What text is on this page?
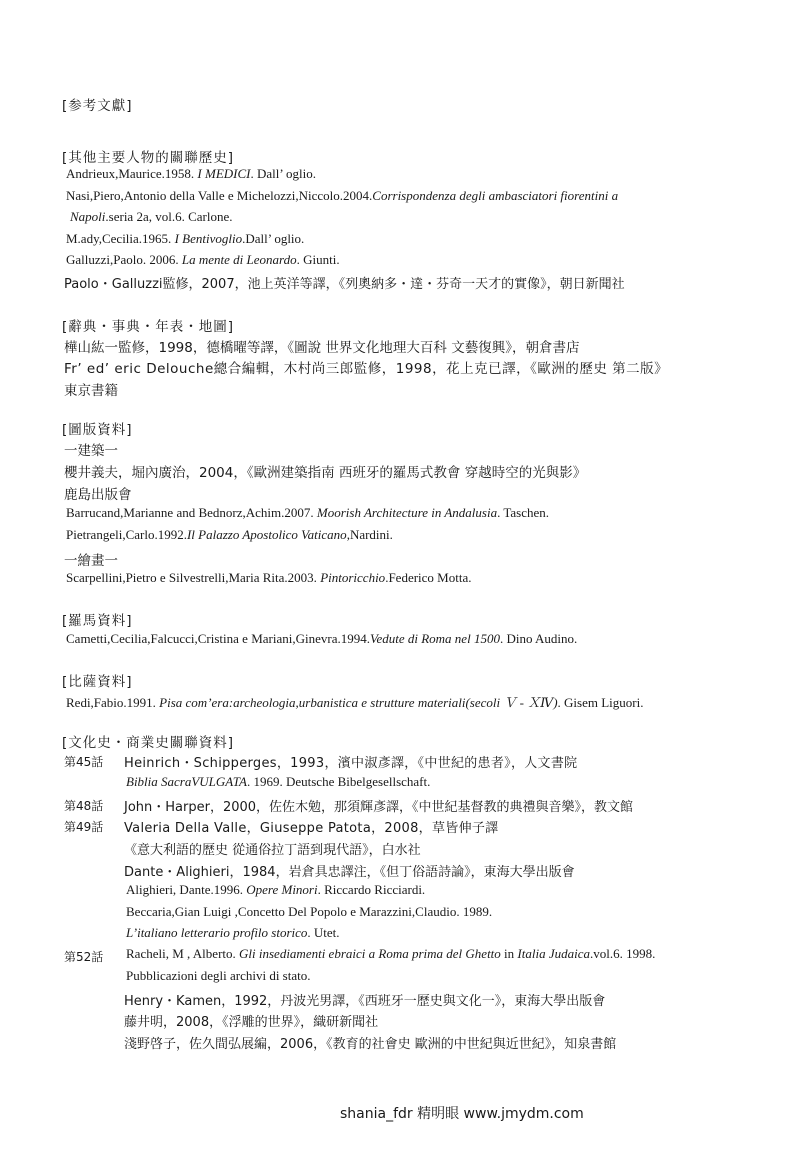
[参考文獻]
[其他主要人物的關聯歷史]
Andrieux,Maurice.1958. I MEDICI. Dall’ oglio.
Nasi,Piero,Antonio della Valle e Michelozzi,Niccolo.2004.Corrispondenza degli ambasciatori fiorentini a
Napoli.seria 2a, vol.6. Carlone.
M.ady,Cecilia.1965. I Bentivoglio.Dall’ oglio.
Galluzzi,Paolo. 2006. La mente di Leonardo. Giunti.
Paolo・Galluzzi監修，2007，池上英洋等譯，《列奧納多・達・芬奇一天才的實像》，朝日新聞社
[辭典・事典・年表・地圖]
樺山紘一監修，1998，德橋曜等譯，《圖說 世界文化地理大百科 文藝復興》，朝倉書店
Fr’ ed’ eric Delouche總合編輯，木村尚三郎監修，1998，花上克已譯，《歐洲的歷史 第二版》
東京書籍
[圖版資料]
一建築一
櫻井義夫，堀內廣治，2004，《歐洲建築指南 西班牙的羅馬式教會 穿越時空的光與影》
鹿島出版會
Barrucand,Marianne and Bednorz,Achim.2007. Moorish Architecture in Andalusia. Taschen.
Pietrangeli,Carlo.1992.Il Palazzo Apostolico Vaticano,Nardini.
一繪畫一
Scarpellini,Pietro e Silvestrelli,Maria Rita.2003. Pintoricchio.Federico Motta.
[羅馬資料]
Cametti,Cecilia,Falcucci,Cristina e Mariani,Ginevra.1994.Vedute di Roma nel 1500. Dino Audino.
[比薩資料]
Redi,Fabio.1991. Pisa com’era:archeologia,urbanistica e strutture materiali(secoli Ｖ - ＸⅣ). Gisem Liguori.
[文化史・商業史關聯資料]
第45話 Heinrich・Schipperges，1993，濱中淑彥譯，《中世紀的患者》，人文書院
Biblia SacraVULGATA. 1969. Deutsche Bibelgesellschaft.
第48話 John・Harper，2000，佐佐木勉，那須輝彥譯，《中世紀基督教的典禮與音樂》，教文館
第49話 Valeria Della Valle，Giuseppe Patota，2008，草皆伸子譯
《意大利語的歷史 從通俗拉丁語到現代語》，白水社
Dante・Alighieri，1984，岩倉具忠譯注，《但丁俗語詩論》，東海大學出版會
Alighieri, Dante.1996. Opere Minori. Riccardo Ricciardi.
Beccaria,Gian Luigi ,Concetto Del Popolo e Marazzini,Claudio. 1989.
L’italiano letterario profilo storico. Utet.
第52話 Racheli, M , Alberto. Gli insediamenti ebraici a Roma prima del Ghetto in Italia Judaica.vol.6. 1998.
Pubblicazioni degli archivi di stato.
Henry・Kamen，1992，丹波光男譯，《西班牙一歷史與文化一》，東海大學出版會
藤井明，2008，《浮雕的世界》，織研新聞社
淺野啓子，佐久間弘展編，2006，《教育的社會史 歐洲的中世紀與近世紀》，知泉書館
shania_fdr 精明眼 www.jmydm.com
